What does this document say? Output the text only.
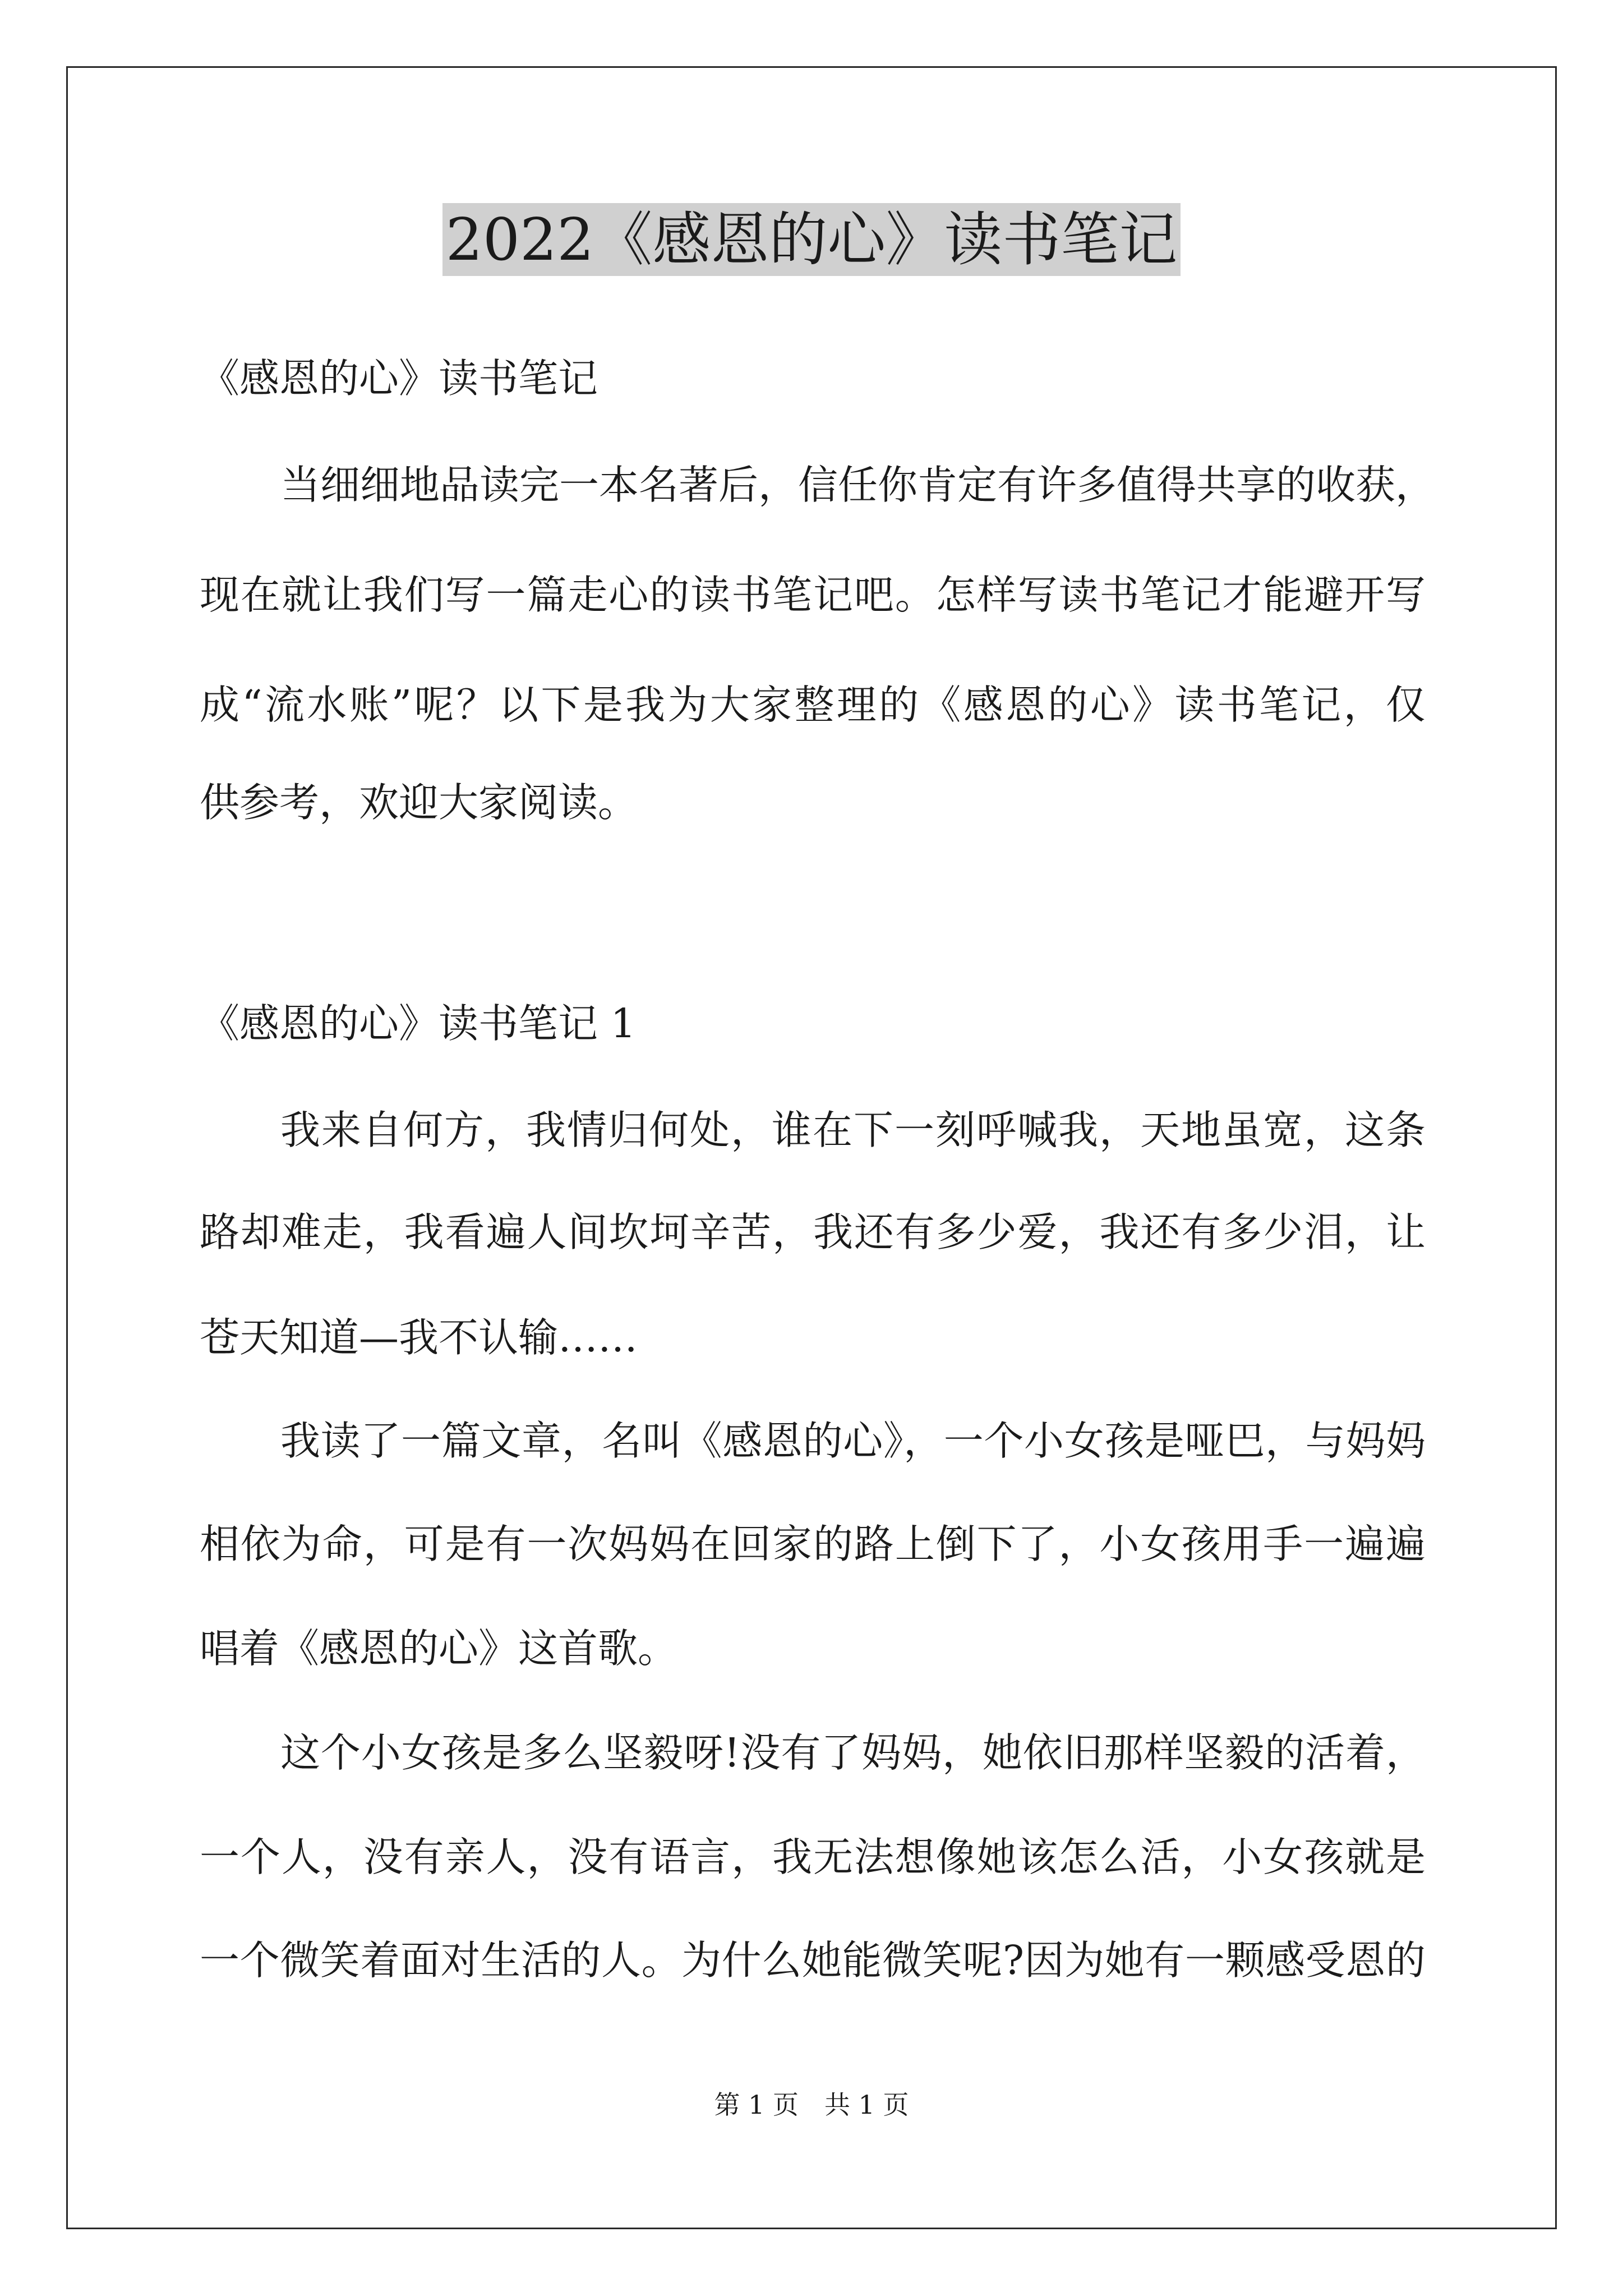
2022《感恩的心》读书笔记

《感恩的心》读书笔记

当细细地品读完一本名著后，信任你肯定有许多值得共享的收获，

现在就让我们写一篇走心的读书笔记吧。怎样写读书笔记才能避开写

成“流水账”呢？以下是我为大家整理的《感恩的心》读书笔记，仅

供参考，欢迎大家阅读。

《感恩的心》读书笔记 1

我来自何方，我情归何处，谁在下一刻呼喊我，天地虽宽，这条

路却难走，我看遍人间坎坷辛苦，我还有多少爱，我还有多少泪，让

苍天知道—我不认输……

我读了一篇文章，名叫《感恩的心》，一个小女孩是哑巴，与妈妈

相依为命，可是有一次妈妈在回家的路上倒下了，小女孩用手一遍遍

唱着《感恩的心》这首歌。

这个小女孩是多么坚毅呀!没有了妈妈，她依旧那样坚毅的活着，

一个人，没有亲人，没有语言，我无法想像她该怎么活，小女孩就是

一个微笑着面对生活的人。为什么她能微笑呢?因为她有一颗感受恩的

第 1 页　共 1 页
